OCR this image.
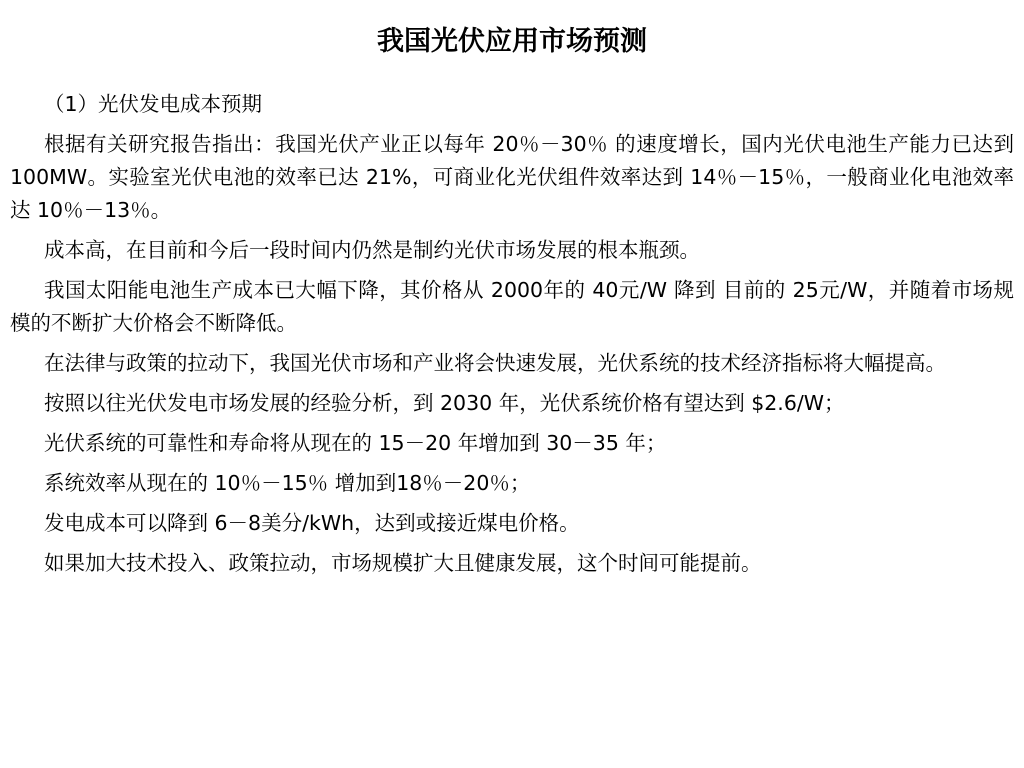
我国光伏应用市场预测

（1）光伏发电成本预期

根据有关研究报告指出：我国光伏产业正以每年 20％－30％ 的速度增长，国内光伏电池生产能力已达到 100MW。实验室光伏电池的效率已达 21%，可商业化光伏组件效率达到 14％－15％，一般商业化电池效率达 10％－13％。

成本高，在目前和今后一段时间内仍然是制约光伏市场发展的根本瓶颈。

我国太阳能电池生产成本已大幅下降，其价格从 2000年的 40元/W 降到 目前的 25元/W，并随着市场规模的不断扩大价格会不断降低。

在法律与政策的拉动下，我国光伏市场和产业将会快速发展，光伏系统的技术经济指标将大幅提高。

按照以往光伏发电市场发展的经验分析，到 2030 年，光伏系统价格有望达到 $2.6/W；

光伏系统的可靠性和寿命将从现在的 15－20 年增加到 30－35 年；

系统效率从现在的 10％－15％ 增加到18％－20％；

发电成本可以降到 6－8美分/kWh，达到或接近煤电价格。

如果加大技术投入、政策拉动，市场规模扩大且健康发展，这个时间可能提前。
